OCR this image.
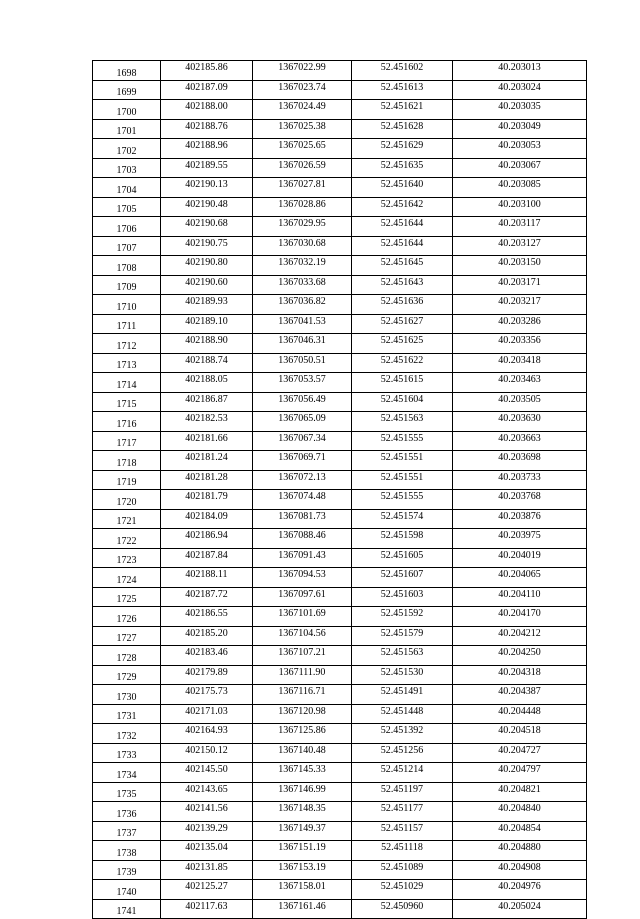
1698	402185.86	1367022.99	52.451602	40.203013
1699	402187.09	1367023.74	52.451613	40.203024
1700	402188.00	1367024.49	52.451621	40.203035
1701	402188.76	1367025.38	52.451628	40.203049
1702	402188.96	1367025.65	52.451629	40.203053
1703	402189.55	1367026.59	52.451635	40.203067
1704	402190.13	1367027.81	52.451640	40.203085
1705	402190.48	1367028.86	52.451642	40.203100
1706	402190.68	1367029.95	52.451644	40.203117
1707	402190.75	1367030.68	52.451644	40.203127
1708	402190.80	1367032.19	52.451645	40.203150
1709	402190.60	1367033.68	52.451643	40.203171
1710	402189.93	1367036.82	52.451636	40.203217
1711	402189.10	1367041.53	52.451627	40.203286
1712	402188.90	1367046.31	52.451625	40.203356
1713	402188.74	1367050.51	52.451622	40.203418
1714	402188.05	1367053.57	52.451615	40.203463
1715	402186.87	1367056.49	52.451604	40.203505
1716	402182.53	1367065.09	52.451563	40.203630
1717	402181.66	1367067.34	52.451555	40.203663
1718	402181.24	1367069.71	52.451551	40.203698
1719	402181.28	1367072.13	52.451551	40.203733
1720	402181.79	1367074.48	52.451555	40.203768
1721	402184.09	1367081.73	52.451574	40.203876
1722	402186.94	1367088.46	52.451598	40.203975
1723	402187.84	1367091.43	52.451605	40.204019
1724	402188.11	1367094.53	52.451607	40.204065
1725	402187.72	1367097.61	52.451603	40.204110
1726	402186.55	1367101.69	52.451592	40.204170
1727	402185.20	1367104.56	52.451579	40.204212
1728	402183.46	1367107.21	52.451563	40.204250
1729	402179.89	1367111.90	52.451530	40.204318
1730	402175.73	1367116.71	52.451491	40.204387
1731	402171.03	1367120.98	52.451448	40.204448
1732	402164.93	1367125.86	52.451392	40.204518
1733	402150.12	1367140.48	52.451256	40.204727
1734	402145.50	1367145.33	52.451214	40.204797
1735	402143.65	1367146.99	52.451197	40.204821
1736	402141.56	1367148.35	52.451177	40.204840
1737	402139.29	1367149.37	52.451157	40.204854
1738	402135.04	1367151.19	52.451118	40.204880
1739	402131.85	1367153.19	52.451089	40.204908
1740	402125.27	1367158.01	52.451029	40.204976
1741	402117.63	1367161.46	52.450960	40.205024
